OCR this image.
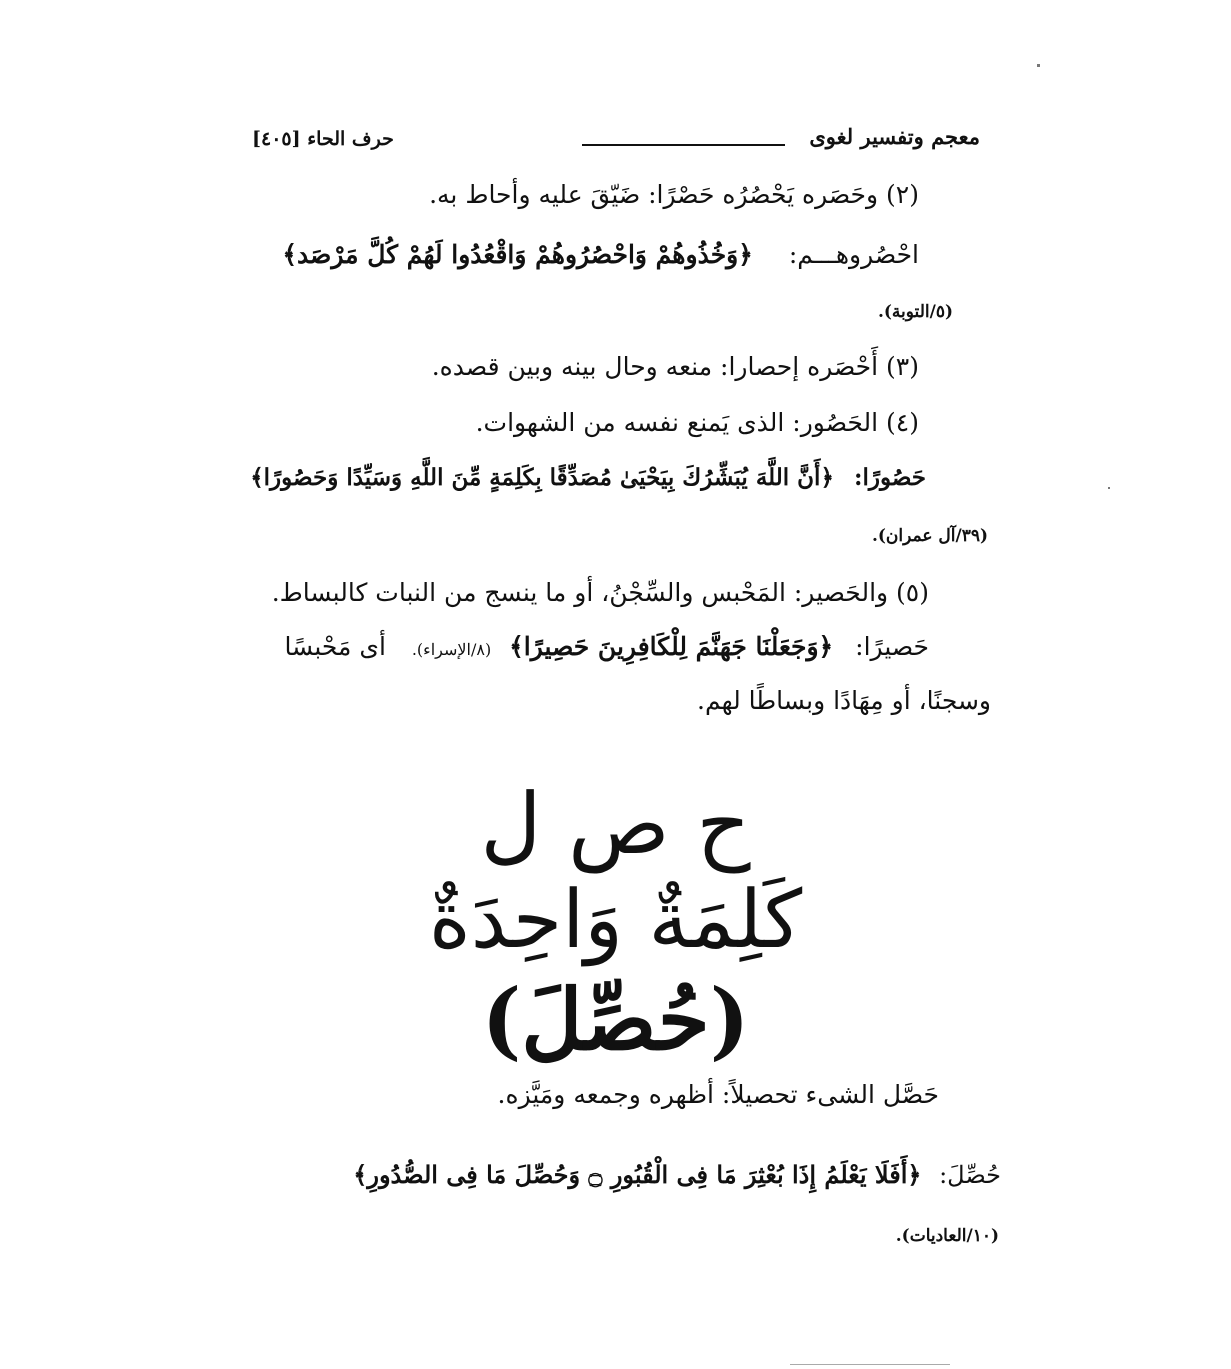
معجم وتفسير لغوى
حرف الحاء [٤٠٥]
(٢) وحَصَره يَحْصُرُه حَصْرًا: ضَيّقَ عليه وأحاط به.
احْصُروهـــم: ﴿وَخُذُوهُمْ وَاحْصُرُوهُمْ وَاقْعُدُوا لَهُمْ كُلَّ مَرْصَد﴾
(٥/التوبة).
(٣) أَحْصَره إحصارا: منعه وحال بينه وبين قصده.
(٤) الحَصُور: الذى يَمنع نفسه من الشهوات.
حَصُورًا: ﴿أَنَّ اللَّهَ يُبَشِّرُكَ بِيَحْيَىٰ مُصَدِّقًا بِكَلِمَةٍ مِّنَ اللَّهِ وَسَيِّدًا وَحَصُورًا﴾
(٣٩/آل عمران).
(٥) والحَصير: المَحْبس والسِّجْنُ، أو ما ينسج من النبات كالبساط.
حَصيرًا: ﴿وَجَعَلْنَا جَهَنَّمَ لِلْكَافِرِينَ حَصِيرًا﴾ (٨/الإسراء). أى مَحْبسًا
وسجنًا، أو مِهَادًا وبساطًا لهم.
ح ص ل
كَلِمَةٌ وَاحِدَةٌ
(حُصِّلَ)
حَصَّل الشىء تحصيلاً: أظهره وجمعه ومَيَّزه.
حُصِّلَ: ﴿أَفَلَا يَعْلَمُ إِذَا بُعْثِرَ مَا فِى الْقُبُورِ ۝ وَحُصِّلَ مَا فِى الصُّدُورِ﴾
(١٠/العاديات).
